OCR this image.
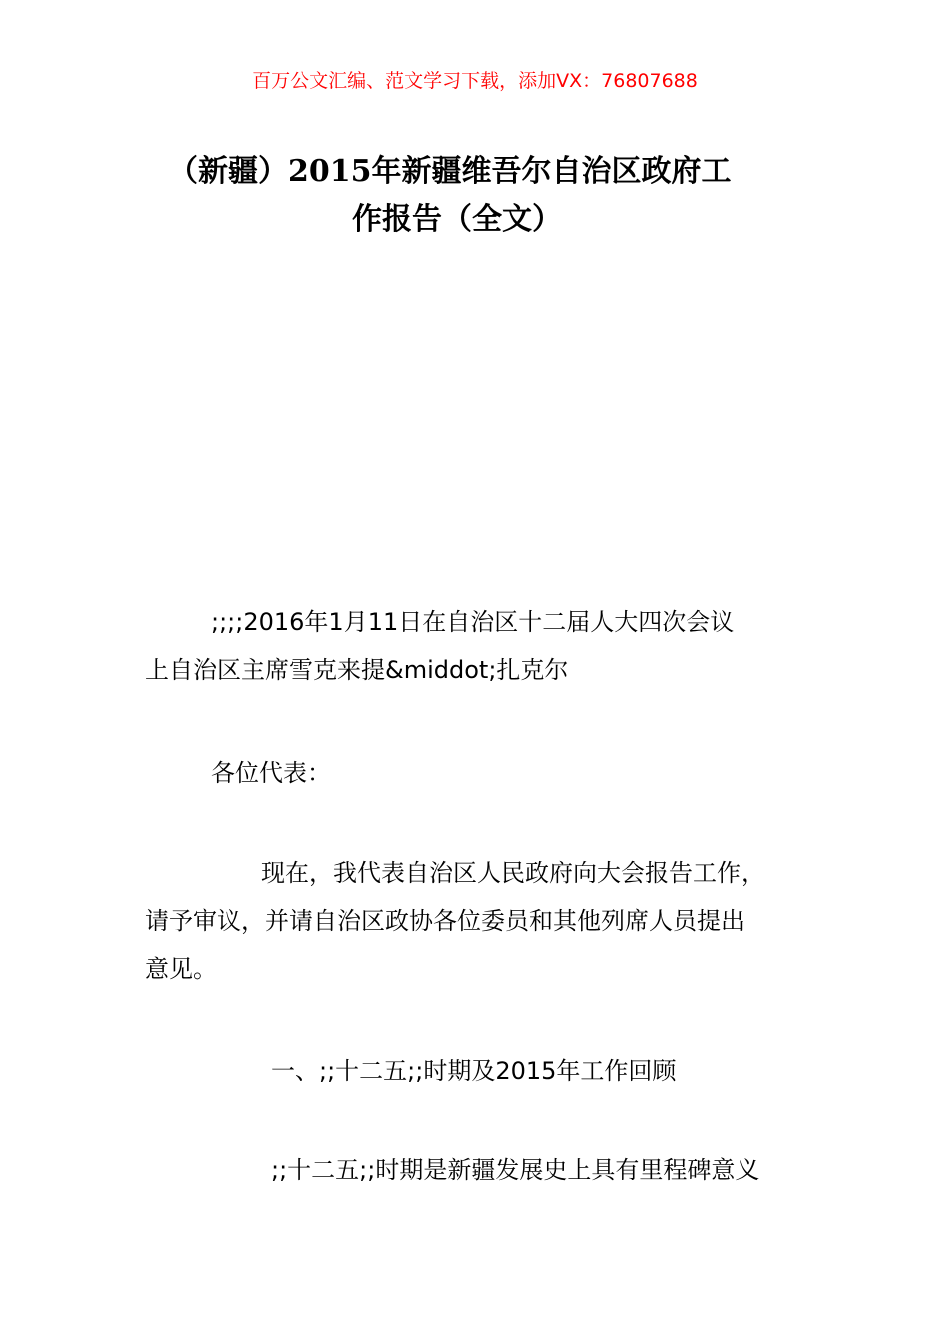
百万公文汇编、范文学习下载，添加VX：76807688
（新疆）2015年新疆维吾尔自治区政府工
作报告（全文）
;;;;2016年1月11日在自治区十二届人大四次会议
上自治区主席雪克来提&middot;扎克尔
各位代表：
现在，我代表自治区人民政府向大会报告工作，
请予审议，并请自治区政协各位委员和其他列席人员提出
意见。
一、;;十二五;;时期及2015年工作回顾
;;十二五;;时期是新疆发展史上具有里程碑意义
